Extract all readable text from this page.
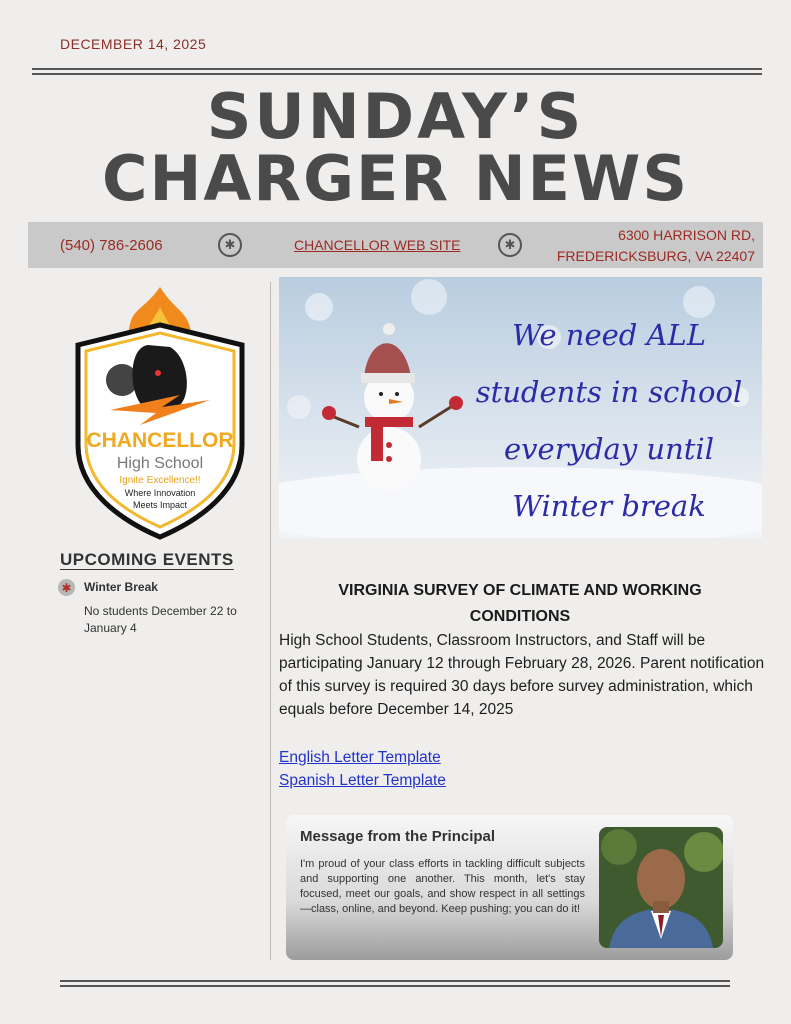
DECEMBER 14, 2025
SUNDAY’S
CHARGER NEWS
(540) 786-2606	✱	CHANCELLOR WEB SITE	✱
6300 HARRISON RD,
FREDERICKSBURG, VA 22407
CHANCELLOR
High School
Ignite Excellence!!
Where Innovation
Meets Impact
UPCOMING EVENTS
✱ Winter Break
No students December 22 to January 4
We need ALL
students in school
everyday until
Winter break
VIRGINIA SURVEY OF CLIMATE AND WORKING CONDITIONS
High School Students, Classroom Instructors, and Staff will be participating January 12 through February 28, 2026. Parent notification of this survey is required 30 days before survey administration, which equals before December 14, 2025
English Letter Template
Spanish Letter Template
Message from the Principal
I'm proud of your class efforts in tackling difficult subjects and supporting one another. This month, let's stay focused, meet our goals, and show respect in all settings—class, online, and beyond. Keep pushing; you can do it!
